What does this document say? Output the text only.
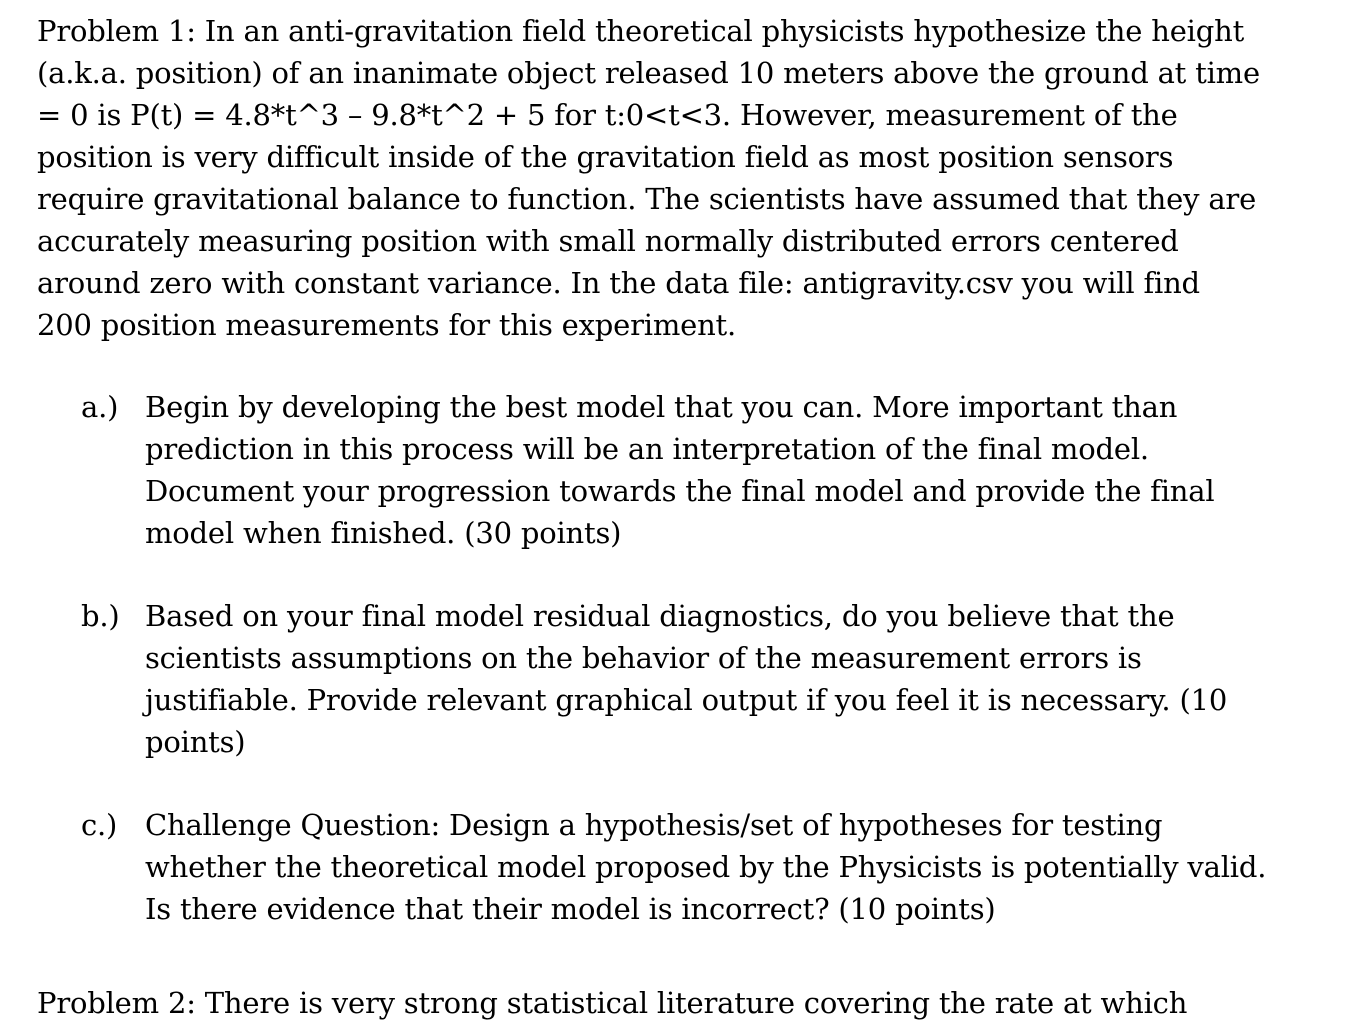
Problem 1: In an anti-gravitation field theoretical physicists hypothesize the height
(a.k.a. position) of an inanimate object released 10 meters above the ground at time
= 0 is P(t) = 4.8*t^3 – 9.8*t^2 + 5 for t:0<t<3. However, measurement of the
position is very difficult inside of the gravitation field as most position sensors
require gravitational balance to function. The scientists have assumed that they are
accurately measuring position with small normally distributed errors centered
around zero with constant variance. In the data file: antigravity.csv you will find
200 position measurements for this experiment.

a.) Begin by developing the best model that you can. More important than
prediction in this process will be an interpretation of the final model.
Document your progression towards the final model and provide the final
model when finished. (30 points)
b.) Based on your final model residual diagnostics, do you believe that the
scientists assumptions on the behavior of the measurement errors is
justifiable. Provide relevant graphical output if you feel it is necessary. (10
points)
c.) Challenge Question: Design a hypothesis/set of hypotheses for testing
whether the theoretical model proposed by the Physicists is potentially valid.
Is there evidence that their model is incorrect? (10 points)
Problem 2: There is very strong statistical literature covering the rate at which
